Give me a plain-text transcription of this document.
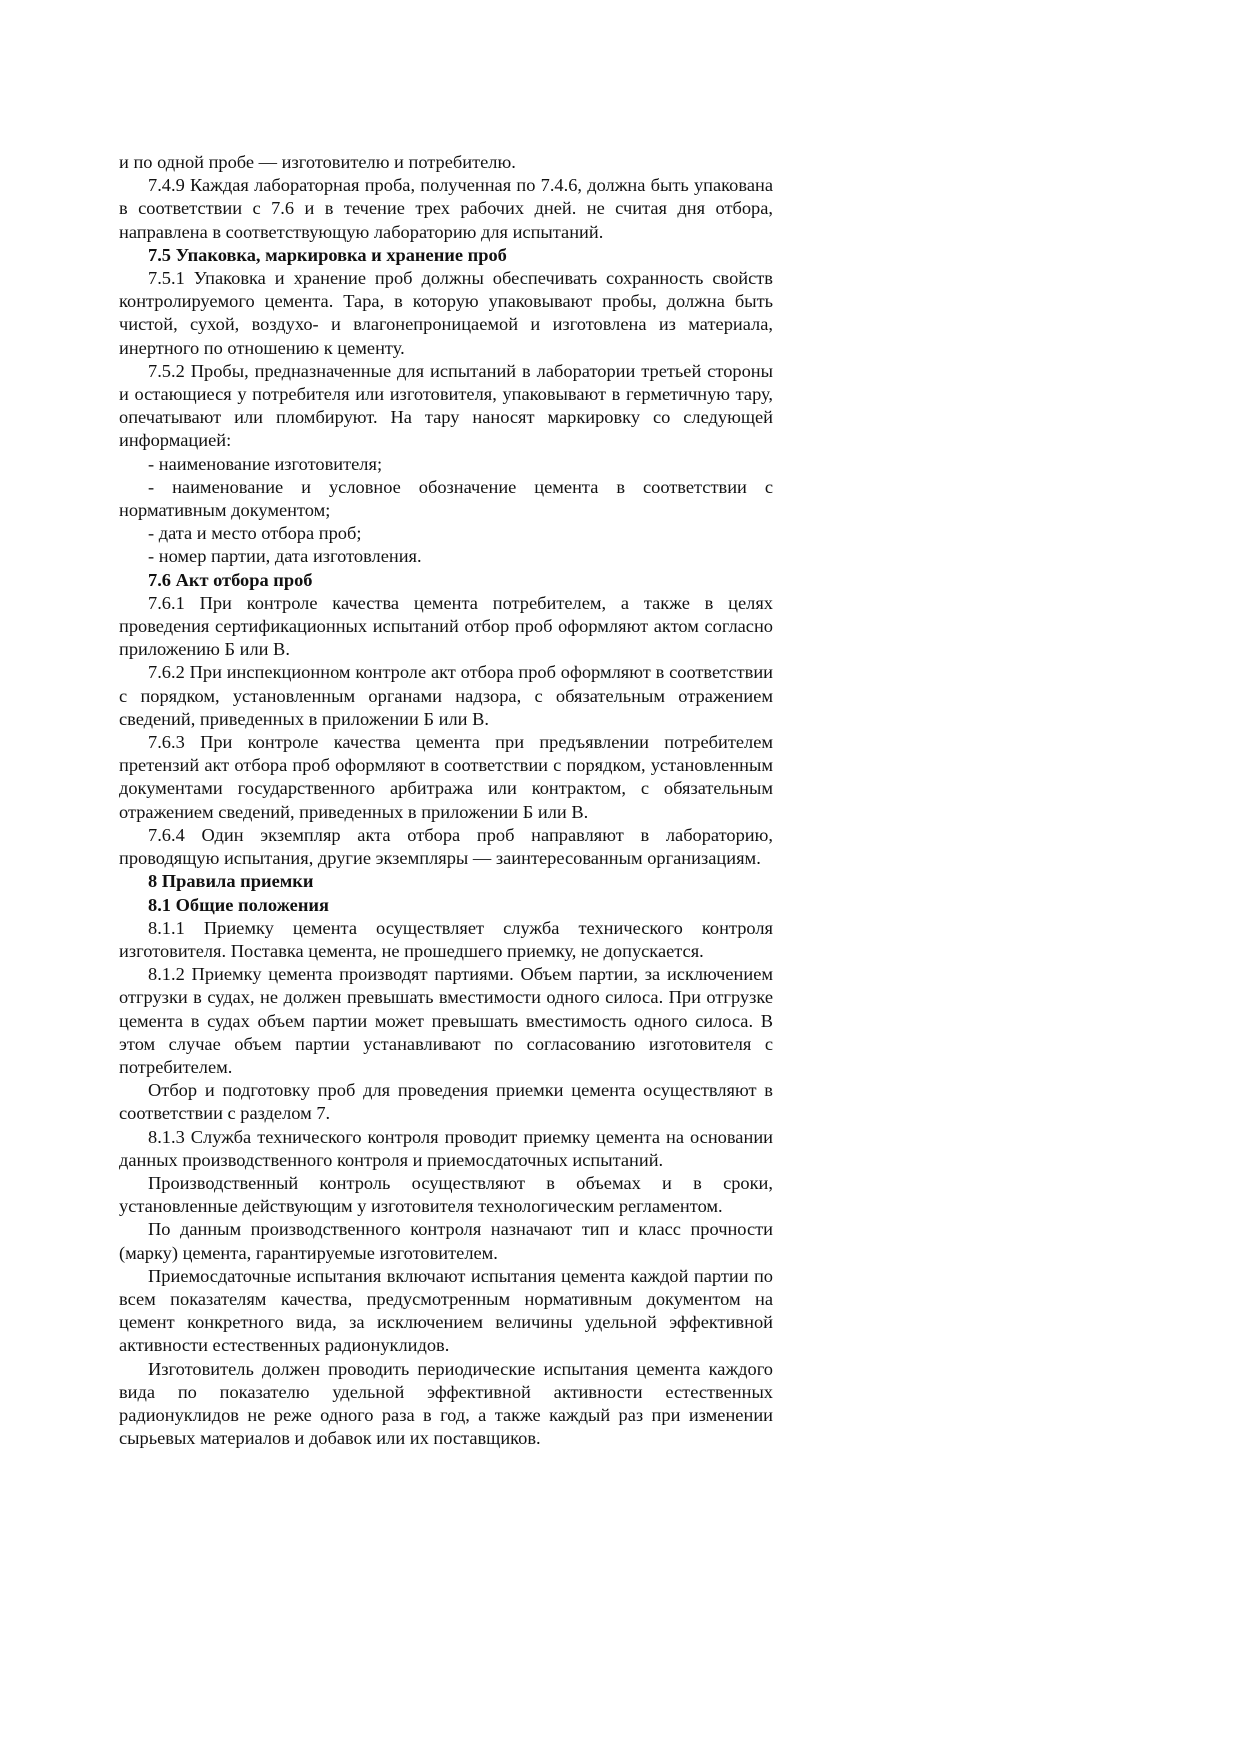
и по одной пробе — изготовителю и потребителю.

7.4.9 Каждая лабораторная проба, полученная по 7.4.6, должна быть упакована в соответствии с 7.6 и в течение трех рабочих дней. не считая дня отбора, направлена в соответствующую лабораторию для испытаний.

7.5 Упаковка, маркировка и хранение проб

7.5.1 Упаковка и хранение проб должны обеспечивать сохранность свойств контролируемого цемента. Тара, в которую упаковывают пробы, должна быть чистой, сухой, воздухо- и влагонепроницаемой и изготовлена из материала, инертного по отношению к цементу.

7.5.2 Пробы, предназначенные для испытаний в лаборатории третьей стороны и остающиеся у потребителя или изготовителя, упаковывают в герметичную тару, опечатывают или пломбируют. На тару наносят маркировку со следующей информацией:

- наименование изготовителя;

- наименование и условное обозначение цемента в соответствии с нормативным документом;

- дата и место отбора проб;

- номер партии, дата изготовления.

7.6 Акт отбора проб

7.6.1 При контроле качества цемента потребителем, а также в целях проведения сертификационных испытаний отбор проб оформляют актом согласно приложению Б или В.

7.6.2 При инспекционном контроле акт отбора проб оформляют в соответствии с порядком, установленным органами надзора, с обязательным отражением сведений, приведенных в приложении Б или В.

7.6.3 При контроле качества цемента при предъявлении потребителем претензий акт отбора проб оформляют в соответствии с порядком, установленным документами государственного арбитража или контрактом, с обязательным отражением сведений, приведенных в приложении Б или В.

7.6.4 Один экземпляр акта отбора проб направляют в лабораторию, проводящую испытания, другие экземпляры — заинтересованным организациям.

8 Правила приемки

8.1 Общие положения

8.1.1 Приемку цемента осуществляет служба технического контроля изготовителя. Поставка цемента, не прошедшего приемку, не допускается.

8.1.2 Приемку цемента производят партиями. Объем партии, за исключением отгрузки в судах, не должен превышать вместимости одного силоса. При отгрузке цемента в судах объем партии может превышать вместимость одного силоса. В этом случае объем партии устанавливают по согласованию изготовителя с потребителем.

Отбор и подготовку проб для проведения приемки цемента осуществляют в соответствии с разделом 7.

8.1.3 Служба технического контроля проводит приемку цемента на основании данных производственного контроля и приемосдаточных испытаний.

Производственный контроль осуществляют в объемах и в сроки, установленные действующим у изготовителя технологическим регламентом.

По данным производственного контроля назначают тип и класс прочности (марку) цемента, гарантируемые изготовителем.

Приемосдаточные испытания включают испытания цемента каждой партии по всем показателям качества, предусмотренным нормативным документом на цемент конкретного вида, за исключением величины удельной эффективной активности естественных радионуклидов.

Изготовитель должен проводить периодические испытания цемента каждого вида по показателю удельной эффективной активности естественных радионуклидов не реже одного раза в год, а также каждый раз при изменении сырьевых материалов и добавок или их поставщиков.
